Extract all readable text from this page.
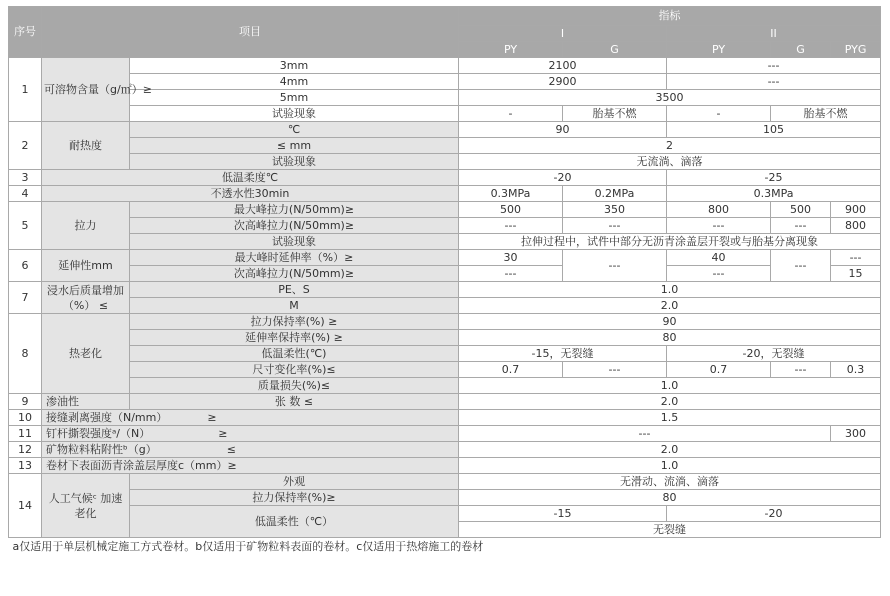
序号	项目		指标				
			I		II		
			PY	G	PY	G	PYG
1	可溶物含量（g/㎡）≥	3mm	2100		---		
		4mm	2900		---		
		5mm	3500				
		试验现象	-	胎基不燃	-	胎基不燃	
2	耐热度	℃	90		105		
		≤ mm	2				
		试验现象	无流淌、滴落				
3	低温柔度℃		-20		-25		
4	不透水性30min		0.3MPa	0.2MPa	0.3MPa		
5	拉力	最大峰拉力(N/50mm)≥	500	350	800	500	900
		次高峰拉力(N/50mm)≥	---	---	---	---	800
		试验现象	拉伸过程中，试件中部分无沥青涂盖层开裂或与胎基分离现象				
6	延伸性mm	最大峰时延伸率（%）≥	30	---	40	---	---
		次高峰拉力(N/50mm)≥	---		---		15
7	浸水后质量增加（%） ≤	PE、S	1.0				
		M	2.0				
8	热老化	拉力保持率(%) ≥	90				
		延伸率保持率(%) ≥	80				
		低温柔性(℃)	-15，无裂缝		-20，无裂缝		
		尺寸变化率(%)≤	0.7	---	0.7	---	0.3
		质量损失(%)≤	1.0				
9	渗油性	张 数 ≤	2.0				
10	接缝剥离强度（N/mm） ≥		1.5				
11	钉杆撕裂强度ᵃ/（N） ≥		---				300
12	矿物粒料粘附性ᵇ（g） ≤		2.0				
13	卷材下表面沥青涂盖层厚度c（mm）≥		1.0				
14	人工气候ᶜ 加速老化	外观	无滑动、流淌、滴落				
		拉力保持率(%)≥	80				
		低温柔性（℃）	-15		-20		
			无裂缝				
a仅适用于单层机械定施工方式卷材。b仅适用于矿物粒料表面的卷材。c仅适用于热熔施工的卷材							
